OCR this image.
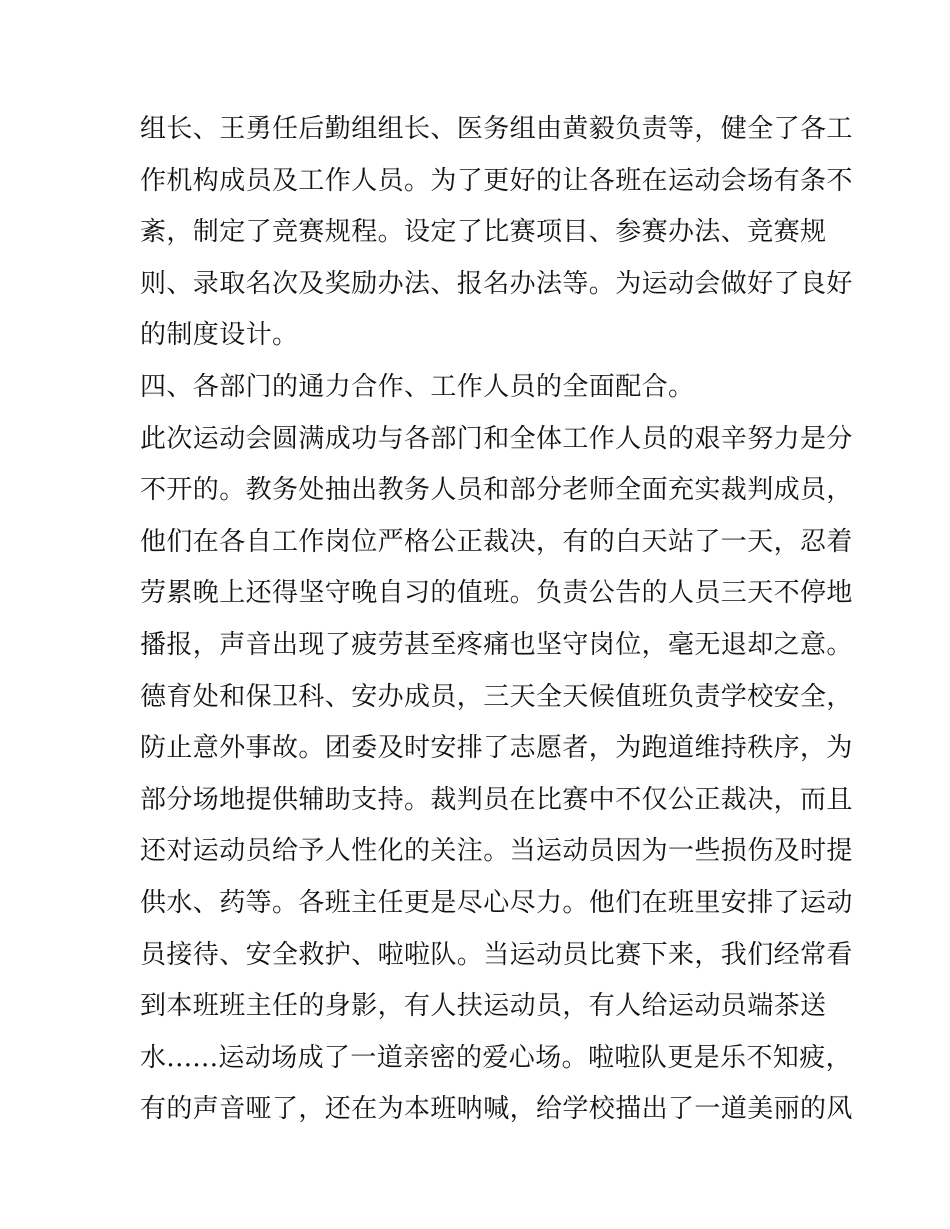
组长、王勇任后勤组组长、医务组由黄毅负责等，健全了各工
作机构成员及工作人员。为了更好的让各班在运动会场有条不
紊，制定了竞赛规程。设定了比赛项目、参赛办法、竞赛规
则、录取名次及奖励办法、报名办法等。为运动会做好了良好
的制度设计。
四、各部门的通力合作、工作人员的全面配合。
此次运动会圆满成功与各部门和全体工作人员的艰辛努力是分
不开的。教务处抽出教务人员和部分老师全面充实裁判成员，
他们在各自工作岗位严格公正裁决，有的白天站了一天，忍着
劳累晚上还得坚守晚自习的值班。负责公告的人员三天不停地
播报，声音出现了疲劳甚至疼痛也坚守岗位，毫无退却之意。
德育处和保卫科、安办成员，三天全天候值班负责学校安全，
防止意外事故。团委及时安排了志愿者，为跑道维持秩序，为
部分场地提供辅助支持。裁判员在比赛中不仅公正裁决，而且
还对运动员给予人性化的关注。当运动员因为一些损伤及时提
供水、药等。各班主任更是尽心尽力。他们在班里安排了运动
员接待、安全救护、啦啦队。当运动员比赛下来，我们经常看
到本班班主任的身影，有人扶运动员，有人给运动员端茶送
水......运动场成了一道亲密的爱心场。啦啦队更是乐不知疲，
有的声音哑了，还在为本班呐喊，给学校描出了一道美丽的风
